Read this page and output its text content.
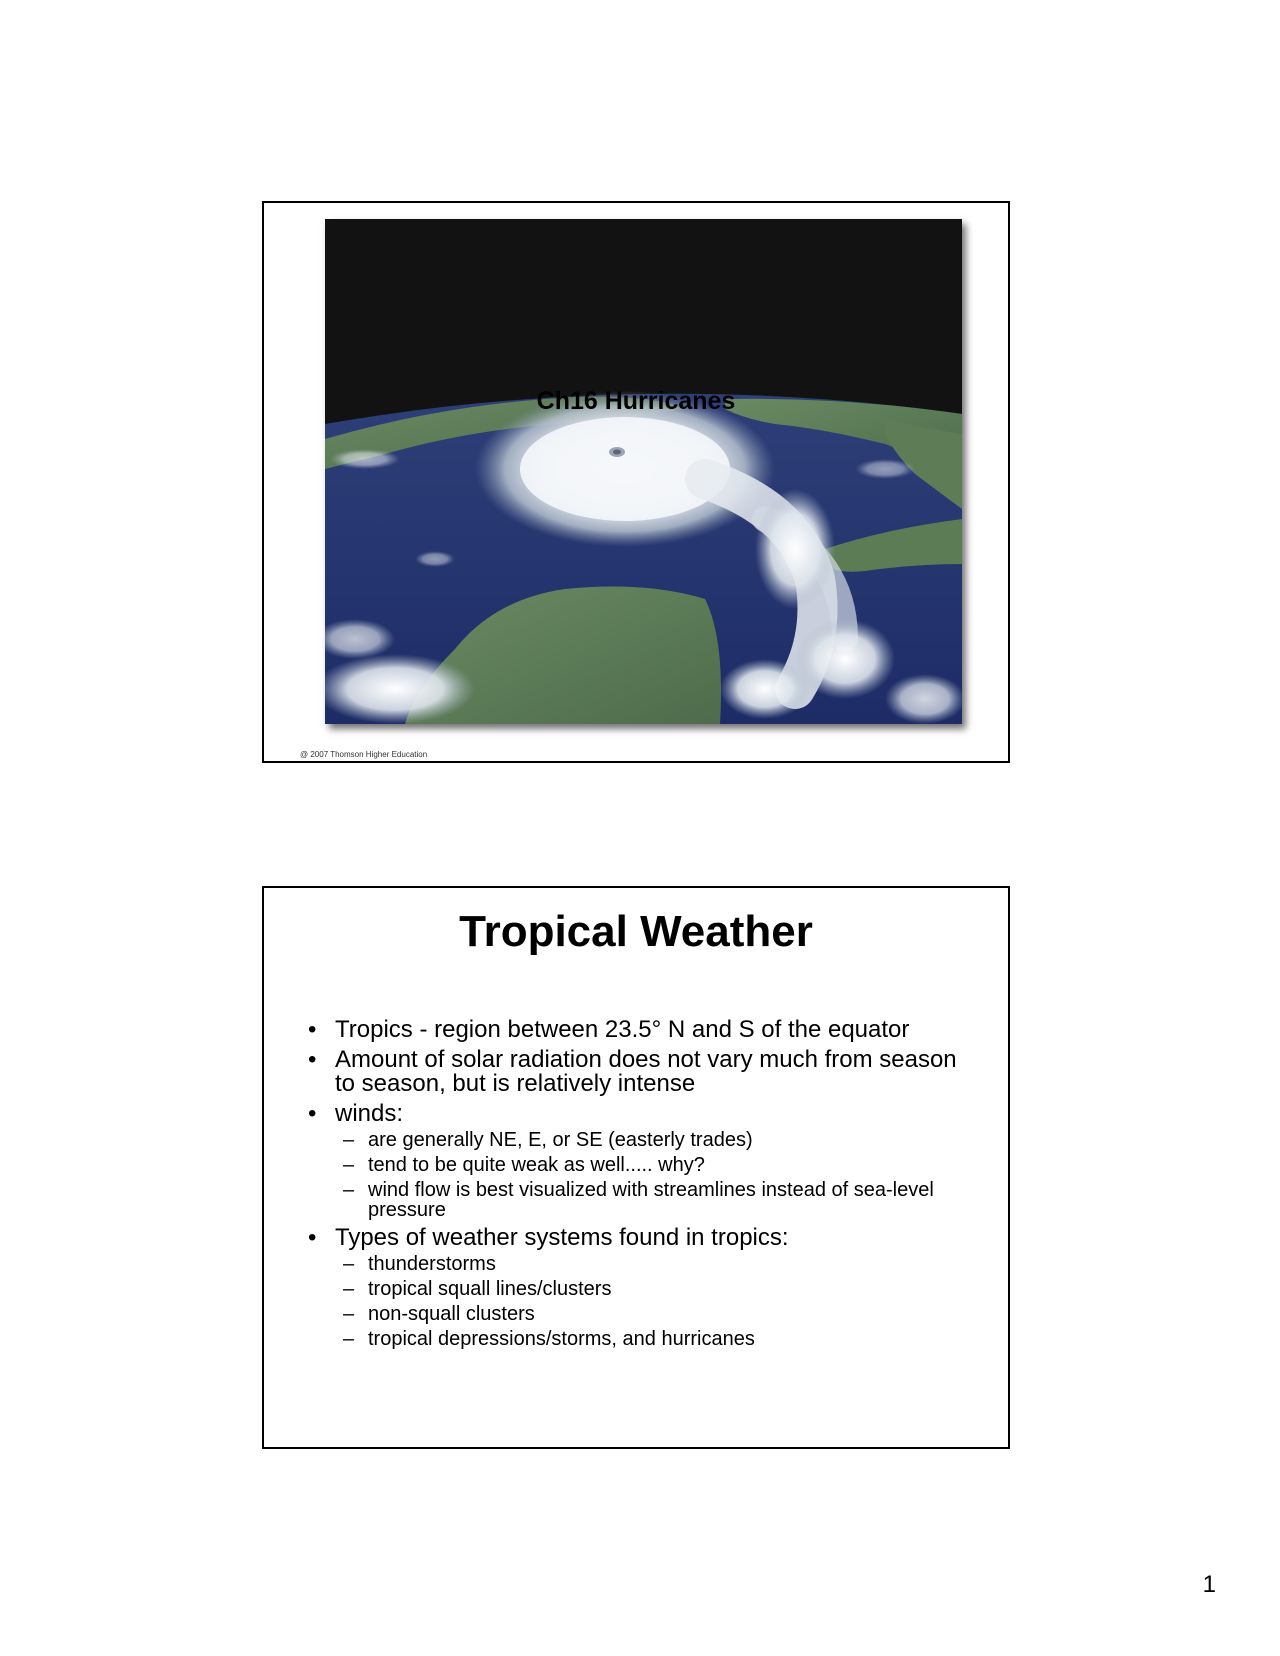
Ch16 Hurricanes
@ 2007 Thomson Higher Education
Tropical Weather
• Tropics - region between 23.5° N and S of the equator
• Amount of solar radiation does not vary much from season to season, but is relatively intense
• winds:
– are generally NE, E, or SE (easterly trades)
– tend to be quite weak as well..... why?
– wind flow is best visualized with streamlines instead of sea-level pressure
• Types of weather systems found in tropics:
– thunderstorms
– tropical squall lines/clusters
– non-squall clusters
– tropical depressions/storms, and hurricanes
1
